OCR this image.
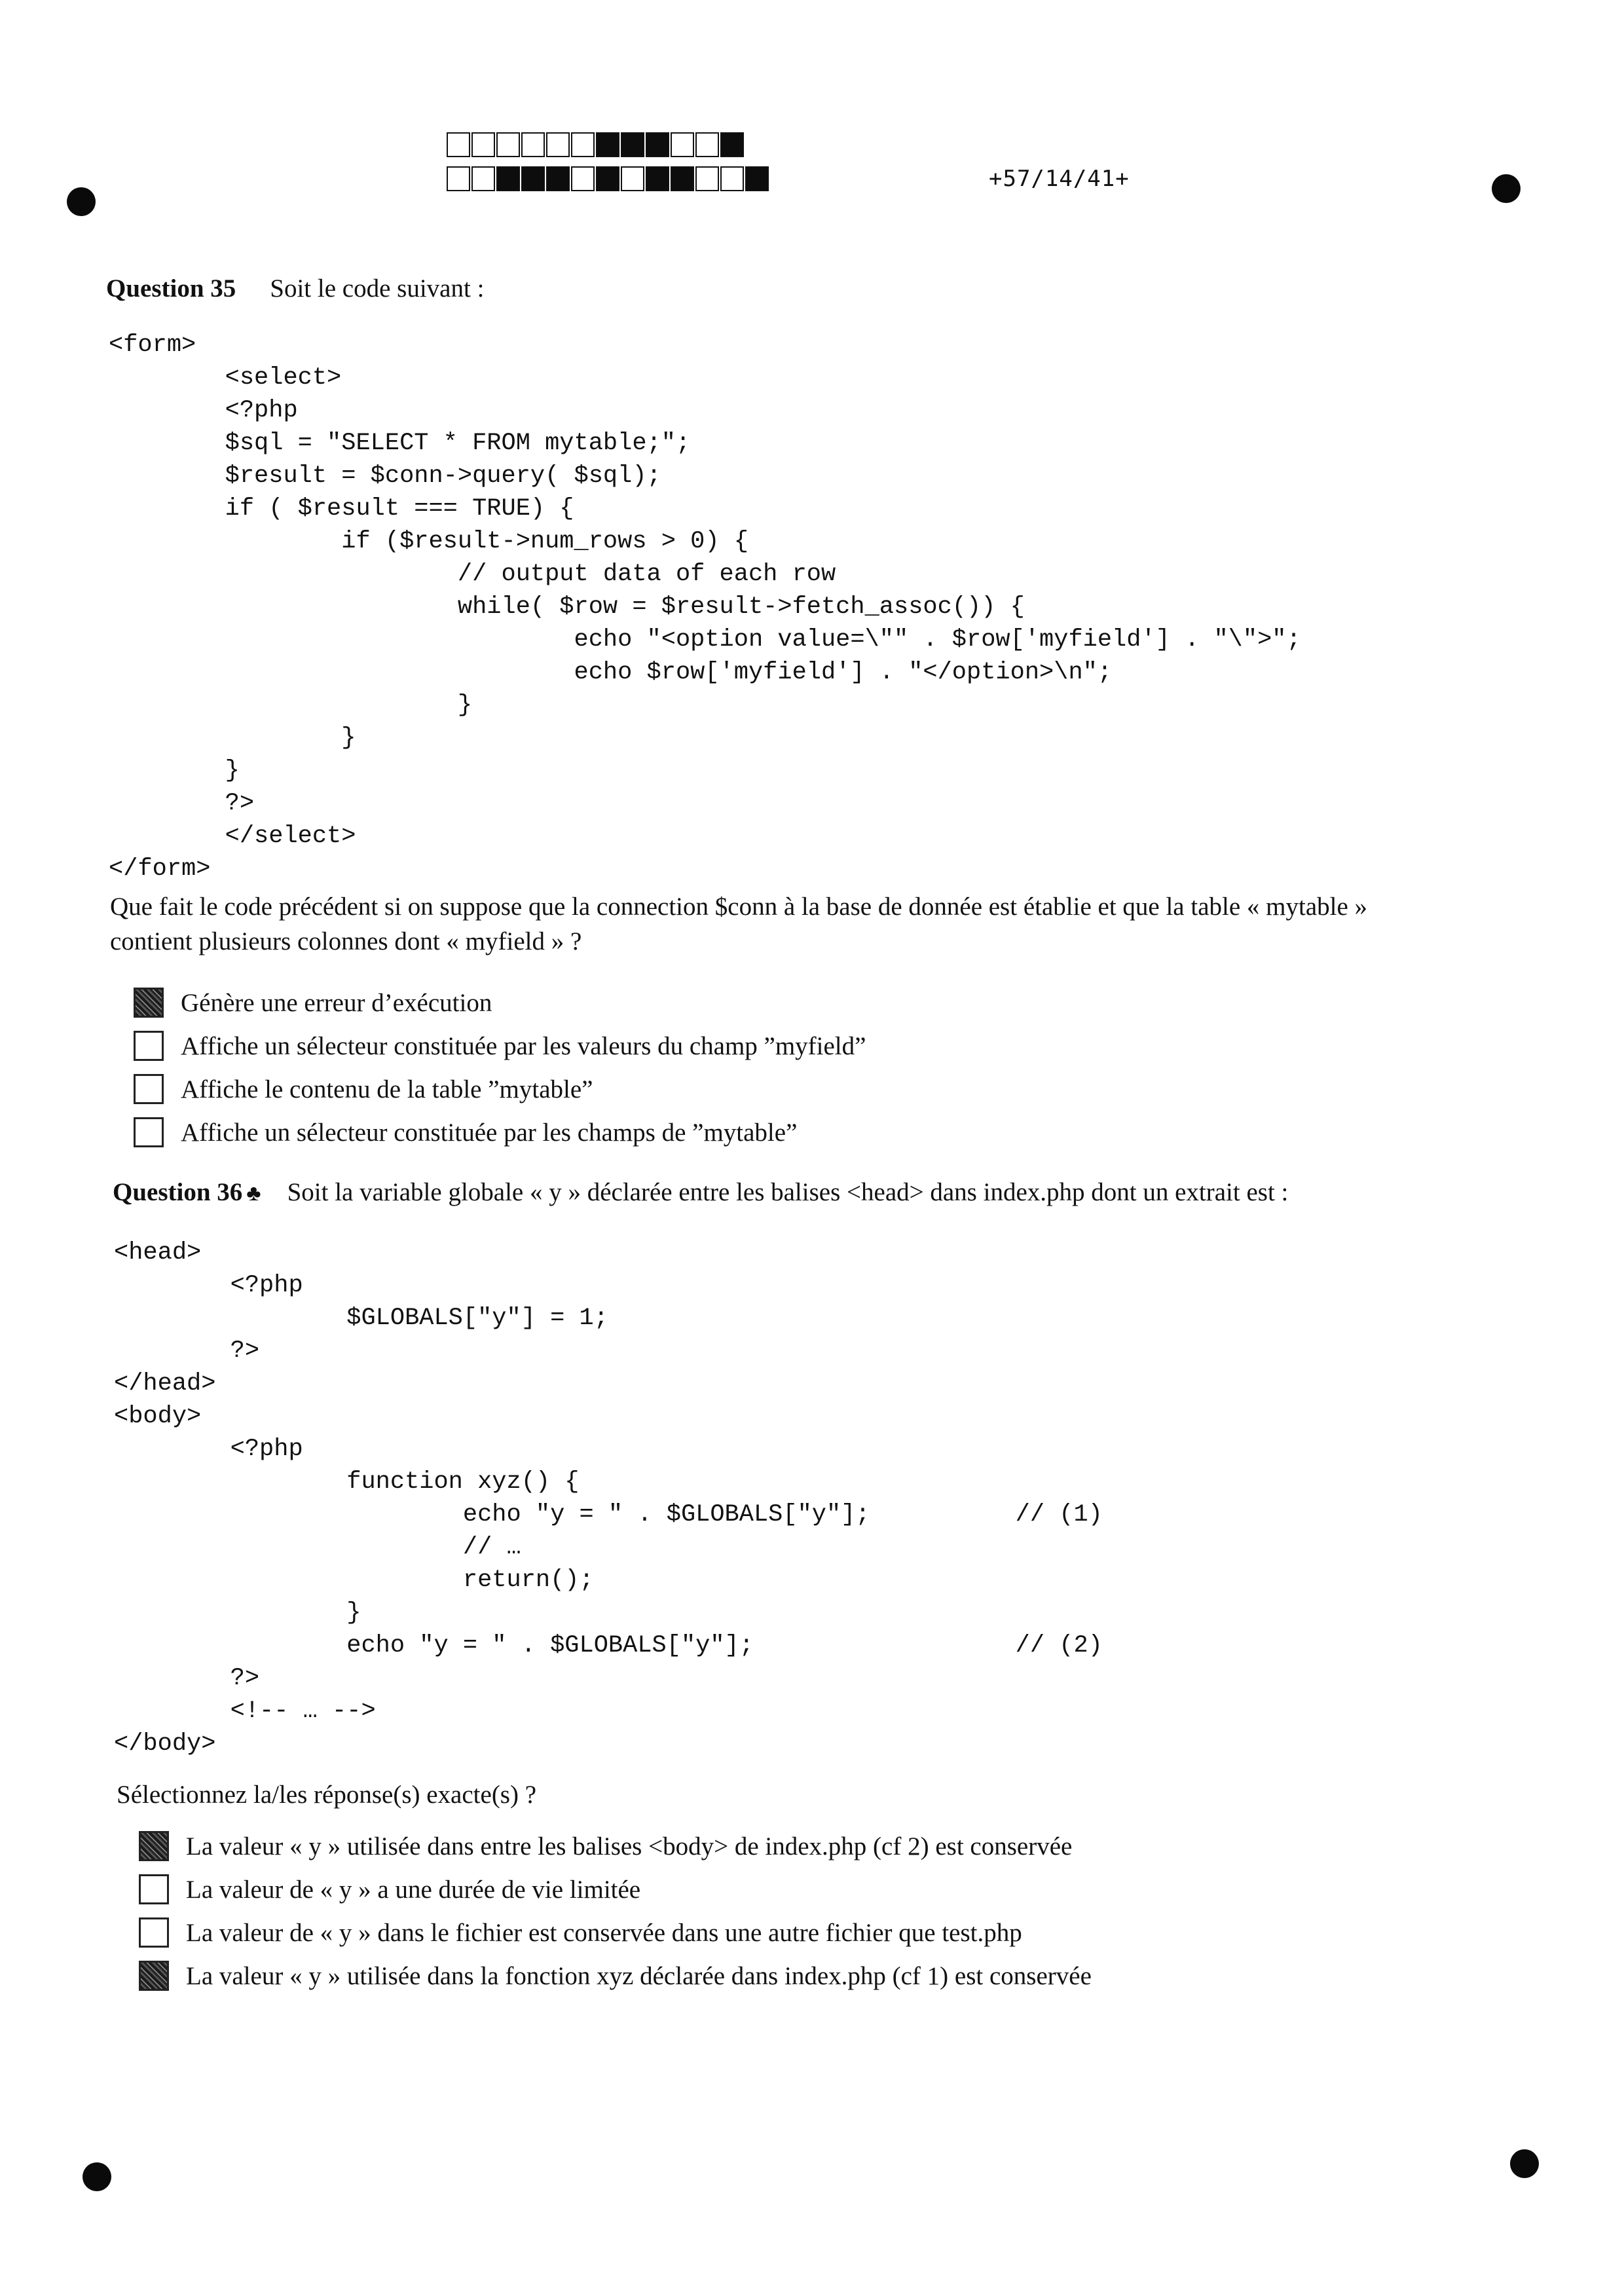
+57/14/41+
Question 35 Soit le code suivant :
<form>
<select>
<?php
$sql = "SELECT * FROM mytable;";
$result = $conn->query( $sql);
if ( $result === TRUE) {
if ($result->num_rows > 0) {
// output data of each row
while( $row = $result->fetch_assoc()) {
echo "<option value=\"" . $row['myfield'] . "\">";
echo $row['myfield'] . "</option>\n";
}
}
}
?>
</select>
</form>
Que fait le code précédent si on suppose que la connection $conn à la base de donnée est établie et que la table « mytable »
contient plusieurs colonnes dont « myfield » ?
Génère une erreur d’exécution
Affiche un sélecteur constituée par les valeurs du champ ”myfield”
Affiche le contenu de la table ”mytable”
Affiche un sélecteur constituée par les champs de ”mytable”
Question 36 ♣ Soit la variable globale « y » déclarée entre les balises <head> dans index.php dont un extrait est :
<head>
<?php
$GLOBALS["y"] = 1;
?>
</head>
<body>
<?php
function xyz() {
echo "y = " . $GLOBALS["y"];          // (1)
// …
return();
}
echo "y = " . $GLOBALS["y"];                  // (2)
?>
<!-- … -->
</body>
Sélectionnez la/les réponse(s) exacte(s) ?
La valeur « y » utilisée dans entre les balises <body> de index.php (cf 2) est conservée
La valeur de « y » a une durée de vie limitée
La valeur de « y » dans le fichier est conservée dans une autre fichier que test.php
La valeur « y » utilisée dans la fonction xyz déclarée dans index.php (cf 1) est conservée
